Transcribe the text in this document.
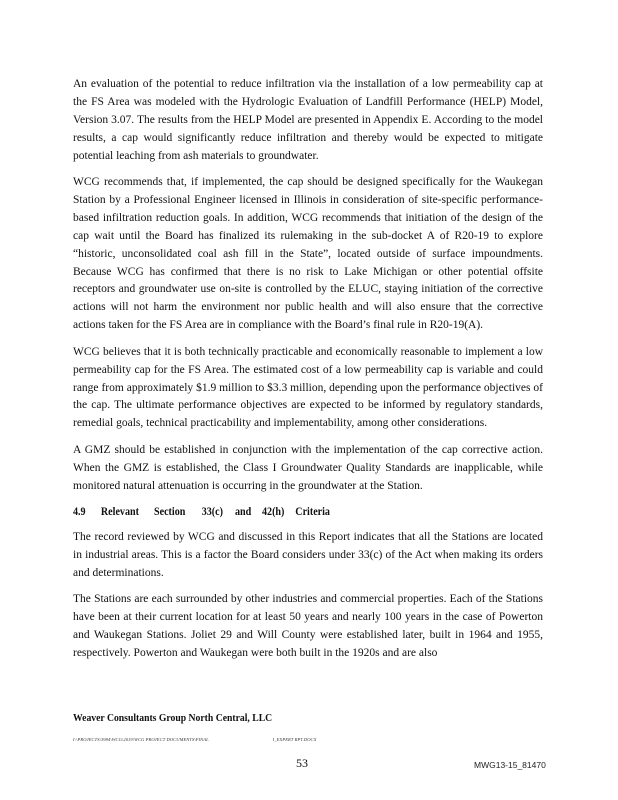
An evaluation of the potential to reduce infiltration via the installation of a low permeability cap at the FS Area was modeled with the Hydrologic Evaluation of Landfill Performance (HELP) Model, Version 3.07. The results from the HELP Model are presented in Appendix E. According to the model results, a cap would significantly reduce infiltration and thereby would be expected to mitigate potential leaching from ash materials to groundwater.

WCG recommends that, if implemented, the cap should be designed specifically for the Waukegan Station by a Professional Engineer licensed in Illinois in consideration of site-specific performance-based infiltration reduction goals. In addition, WCG recommends that initiation of the design of the cap wait until the Board has finalized its rulemaking in the sub-docket A of R20-19 to explore “historic, unconsolidated coal ash fill in the State”, located outside of surface impoundments. Because WCG has confirmed that there is no risk to Lake Michigan or other potential offsite receptors and groundwater use on-site is controlled by the ELUC, staying initiation of the corrective actions will not harm the environment nor public health and will also ensure that the corrective actions taken for the FS Area are in compliance with the Board’s final rule in R20-19(A).

WCG believes that it is both technically practicable and economically reasonable to implement a low permeability cap for the FS Area. The estimated cost of a low permeability cap is variable and could range from approximately $1.9 million to $3.3 million, depending upon the performance objectives of the cap. The ultimate performance objectives are expected to be informed by regulatory standards, remedial goals, technical practicability and implementability, among other considerations.

A GMZ should be established in conjunction with the implementation of the cap corrective action. When the GMZ is established, the Class I Groundwater Quality Standards are inapplicable, while monitored natural attenuation is occurring in the groundwater at the Station.

4.9	Relevant	Section	33(c)	and 42(h) Criteria

The record reviewed by WCG and discussed in this Report indicates that all the Stations are located in industrial areas. This is a factor the Board considers under 33(c) of the Act when making its orders and determinations.

The Stations are each surrounded by other industries and commercial properties. Each of the Stations have been at their current location for at least 50 years and nearly 100 years in the case of Powerton and Waukegan Stations. Joliet 29 and Will County were established later, built in 1964 and 1955, respectively. Powerton and Waukegan were both built in the 1920s and are also

Weaver Consultants Group North Central, LLC
I:\PROJECTS\3984\WCG\2019\WCG PROJECT DOCUMENTS\FINAL	I_EXPERT RPT.DOCX
53	MWG13-15_81470
